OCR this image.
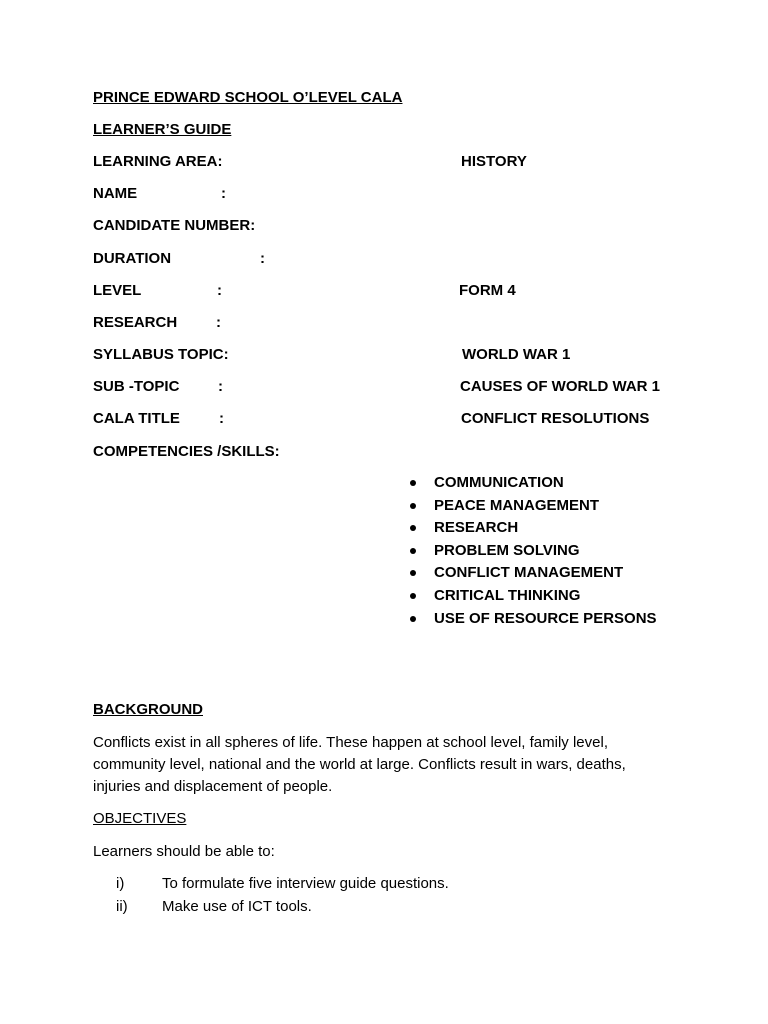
PRINCE EDWARD SCHOOL O’LEVEL CALA
LEARNER’S GUIDE
LEARNING AREA:	HISTORY
NAME	:
CANDIDATE NUMBER:
DURATION	:
LEVEL	:	FORM 4
RESEARCH	:
SYLLABUS TOPIC:	WORLD WAR 1
SUB -TOPIC	:	CAUSES OF WORLD WAR 1
CALA TITLE	:	CONFLICT RESOLUTIONS
COMPETENCIES /SKILLS:
COMMUNICATION
PEACE MANAGEMENT
RESEARCH
PROBLEM SOLVING
CONFLICT MANAGEMENT
CRITICAL THINKING
USE OF RESOURCE PERSONS
BACKGROUND
Conflicts exist in all spheres of life. These happen at school level, family level, community level, national and the world at large. Conflicts result in wars, deaths, injuries and displacement of people.
OBJECTIVES
Learners should be able to:
i)	To formulate five interview guide questions.
ii) Make use of ICT tools.
